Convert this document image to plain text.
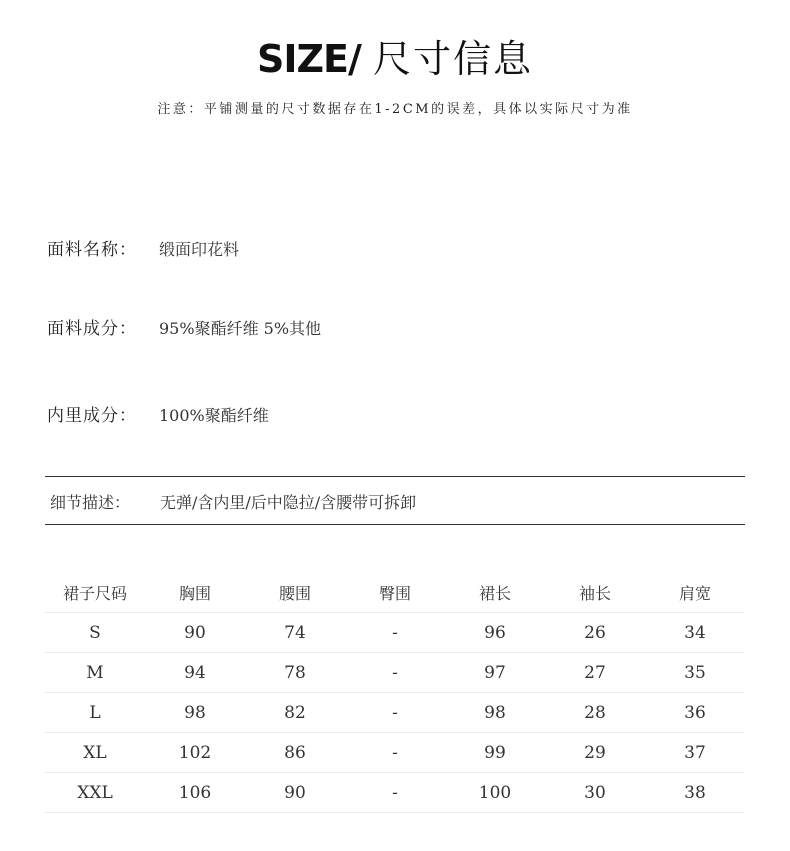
SIZE/ 尺寸信息
注意：平铺测量的尺寸数据存在1-2CM的误差，具体以实际尺寸为准
面料名称： 缎面印花料
面料成分： 95%聚酯纤维 5%其他
内里成分： 100%聚酯纤维
细节描述： 无弹/含内里/后中隐拉/含腰带可拆卸
裙子尺码	胸围	腰围	臀围	裙长	袖长	肩宽
S	90	74	-	96	26	34
M	94	78	-	97	27	35
L	98	82	-	98	28	36
XL	102	86	-	99	29	37
XXL	106	90	-	100	30	38
